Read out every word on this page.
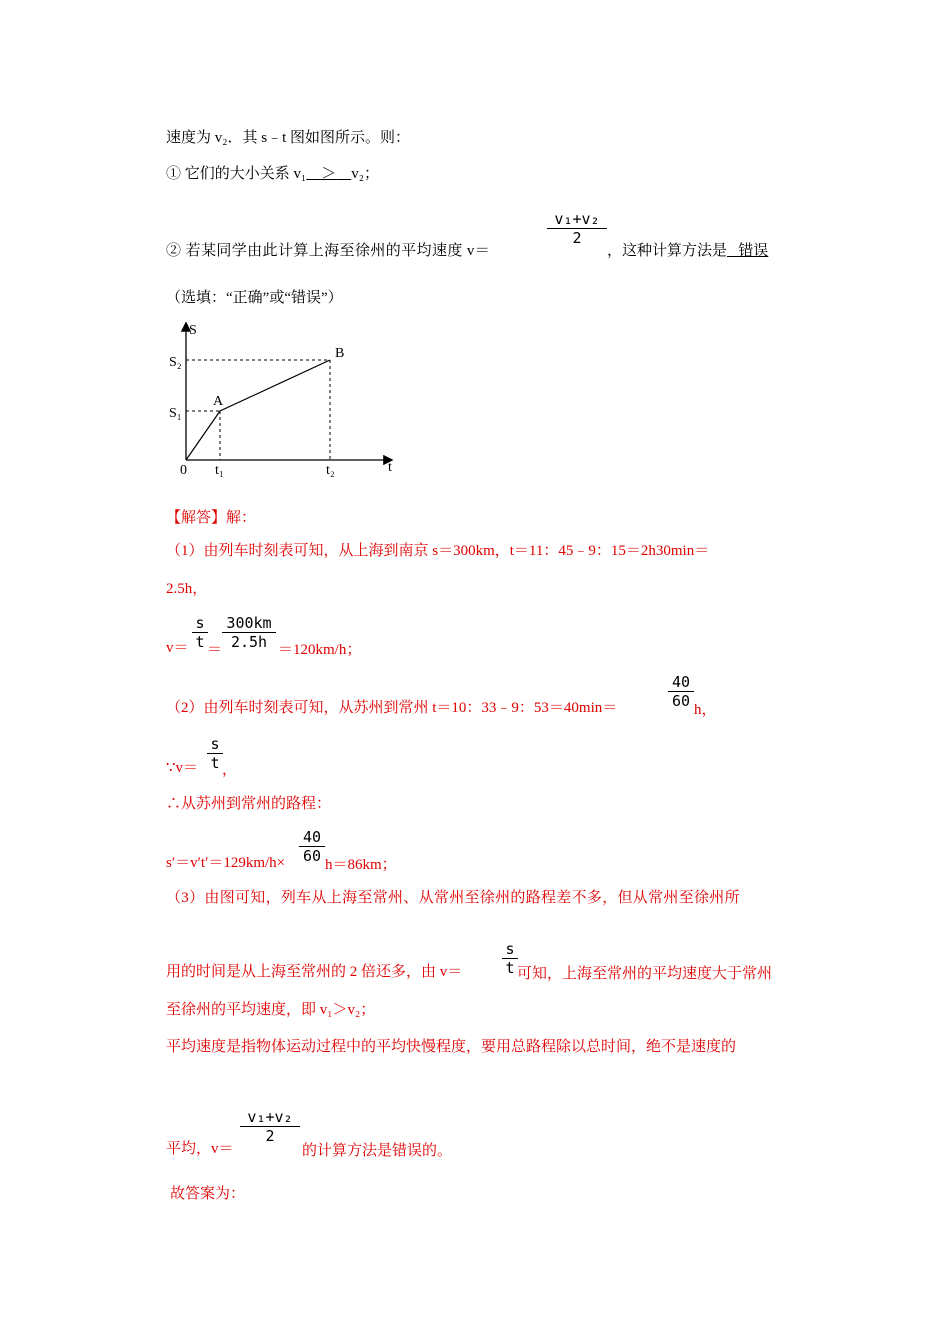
速度为 v₂．其 s﹣t 图如图所示。则：
① 它们的大小关系 v₁ ＞ v₂；
v₁+v₂
2
② 若某同学由此计算上海至徐州的平均速度 v＝	，这种计算方法是 错误
（选填：“正确”或“错误”）
S
t
0
S₂
S₁
t₁	t₂
A
B
【解答】解：
（1）由列车时刻表可知，从上海到南京 s＝300km，t＝11：45﹣9：15＝2h30min＝
2.5h，
v＝
s
t ＝
300km
2.5h ＝120km/h；
40
60
（2）由列车时刻表可知，从苏州到常州 t＝10：33﹣9：53＝40min＝	h，
∵v＝
s
t ，
∴从苏州到常州的路程：
s′＝v′t′＝129km/h×
40
60 h＝86km；
（3）由图可知，列车从上海至常州、从常州至徐州的路程差不多，但从常州至徐州所
用的时间是从上海至常州的 2 倍还多，由 v＝
s
t 可知，上海至常州的平均速度大于常州
至徐州的平均速度，即 v₁＞v₂；
平均速度是指物体运动过程中的平均快慢程度，要用总路程除以总时间，绝不是速度的
平均，v＝
v₁+v₂
2
的计算方法是错误的。
故答案为：
